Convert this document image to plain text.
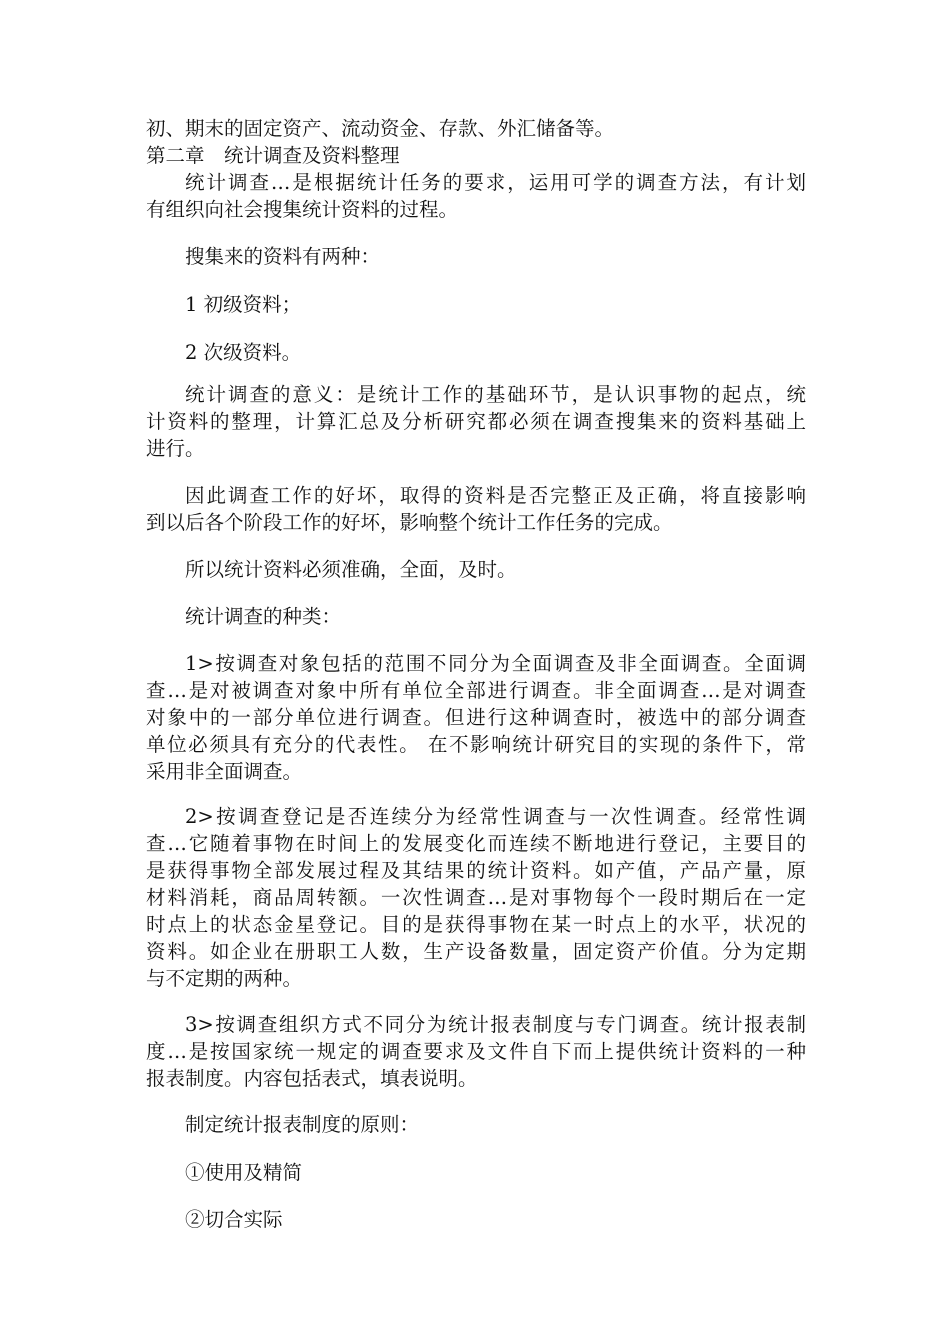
初、期末的固定资产、流动资金、存款、外汇储备等。

第二章　统计调查及资料整理

统计调查…是根据统计任务的要求，运用可学的调查方法，有计划

有组织向社会搜集统计资料的过程。

搜集来的资料有两种：

1 初级资料；

2 次级资料。

统计调查的意义：是统计工作的基础环节，是认识事物的起点，统

计资料的整理，计算汇总及分析研究都必须在调查搜集来的资料基础上

进行。

因此调查工作的好坏，取得的资料是否完整正及正确，将直接影响

到以后各个阶段工作的好坏，影响整个统计工作任务的完成。

所以统计资料必须准确，全面，及时。

统计调查的种类：

1>按调查对象包括的范围不同分为全面调查及非全面调查。全面调

查…是对被调查对象中所有单位全部进行调查。非全面调查…是对调查

对象中的一部分单位进行调查。但进行这种调查时，被选中的部分调查

单位必须具有充分的代表性。 在不影响统计研究目的实现的条件下，常

采用非全面调查。

2>按调查登记是否连续分为经常性调查与一次性调查。经常性调

查…它随着事物在时间上的发展变化而连续不断地进行登记，主要目的

是获得事物全部发展过程及其结果的统计资料。如产值，产品产量，原

材料消耗，商品周转额。一次性调查…是对事物每个一段时期后在一定

时点上的状态金星登记。目的是获得事物在某一时点上的水平，状况的

资料。如企业在册职工人数，生产设备数量，固定资产价值。分为定期

与不定期的两种。

3>按调查组织方式不同分为统计报表制度与专门调查。统计报表制

度…是按国家统一规定的调查要求及文件自下而上提供统计资料的一种

报表制度。内容包括表式，填表说明。

制定统计报表制度的原则：

①使用及精简

②切合实际
